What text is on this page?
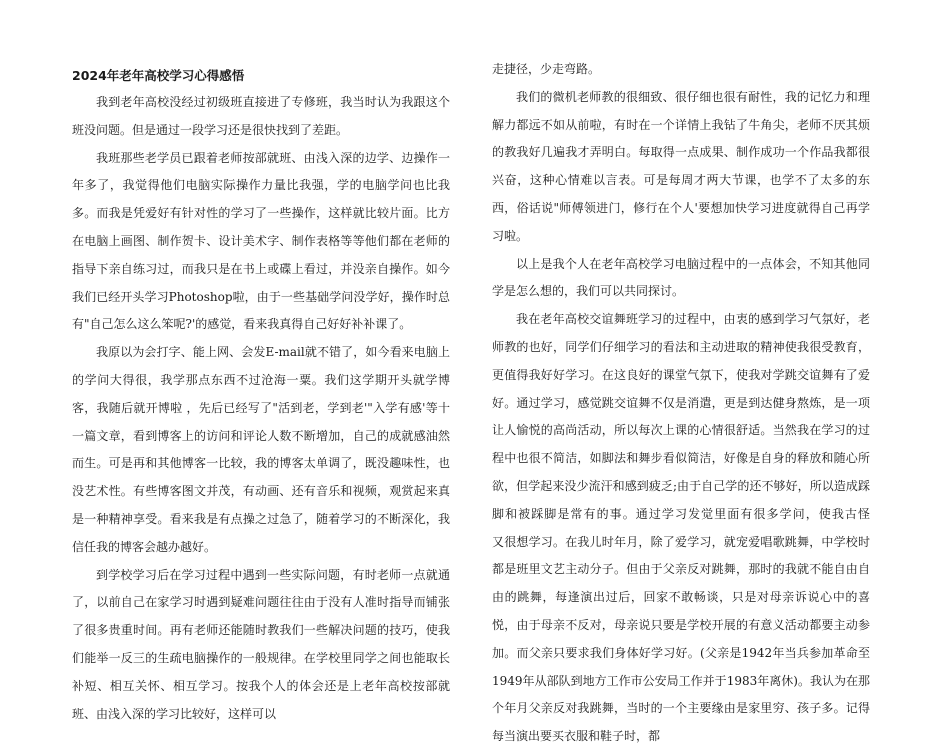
2024年老年高校学习心得感悟

我到老年高校没经过初级班直接进了专修班，我当时认为我跟这个班没问题。但是通过一段学习还是很快找到了差距。

我班那些老学员已跟着老师按部就班、由浅入深的边学、边操作一年多了，我觉得他们电脑实际操作力量比我强，学的电脑学问也比我多。而我是凭爱好有针对性的学习了一些操作，这样就比较片面。比方在电脑上画图、制作贺卡、设计美术字、制作表格等等他们都在老师的指导下亲自练习过，而我只是在书上或碟上看过，并没亲自操作。如今我们已经开头学习Photoshop啦，由于一些基础学问没学好，操作时总有"自己怎么这么笨呢?'的感觉，看来我真得自己好好补补课了。

我原以为会打字、能上网、会发E-mail就不错了，如今看来电脑上的学问大得很，我学那点东西不过沧海一粟。我们这学期开头就学博客，我随后就开博啦 ，先后已经写了"活到老，学到老'"入学有感'等十一篇文章，看到博客上的访问和评论人数不断增加，自己的成就感油然而生。可是再和其他博客一比较，我的博客太单调了，既没趣味性，也没艺术性。有些博客图文并茂，有动画、还有音乐和视频，观赏起来真是一种精神享受。看来我是有点操之过急了，随着学习的不断深化，我信任我的博客会越办越好。

到学校学习后在学习过程中遇到一些实际问题，有时老师一点就通了，以前自己在家学习时遇到疑难问题往往由于没有人准时指导而铺张了很多贵重时间。再有老师还能随时教我们一些解决问题的技巧，使我们能举一反三的生疏电脑操作的一般规律。在学校里同学之间也能取长补短、相互关怀、相互学习。按我个人的体会还是上老年高校按部就班、由浅入深的学习比较好，这样可以

走捷径，少走弯路。

我们的微机老师教的很细致、很仔细也很有耐性，我的记忆力和理解力都远不如从前啦，有时在一个详情上我钻了牛角尖，老师不厌其烦的教我好几遍我才弄明白。每取得一点成果、制作成功一个作品我都很兴奋，这种心情难以言表。可是每周才两大节课，也学不了太多的东西，俗话说"师傅领进门，修行在个人'要想加快学习进度就得自己再学习啦。

以上是我个人在老年高校学习电脑过程中的一点体会，不知其他同学是怎么想的，我们可以共同探讨。

我在老年高校交谊舞班学习的过程中，由衷的感到学习气氛好，老师教的也好，同学们仔细学习的看法和主动进取的精神使我很受教育，更值得我好好学习。在这良好的课堂气氛下，使我对学跳交谊舞有了爱好。通过学习，感觉跳交谊舞不仅是消遣，更是到达健身熬炼，是一项让人愉悦的高尚活动，所以每次上课的心情很舒适。当然我在学习的过程中也很不简洁，如脚法和舞步看似简洁，好像是自身的释放和随心所欲，但学起来没少流汗和感到疲乏;由于自己学的还不够好，所以造成踩脚和被踩脚是常有的事。通过学习发觉里面有很多学问，使我古怪　　又很想学习。在我儿时年月，除了爱学习，就宠爱唱歌跳舞，中学校时都是班里文艺主动分子。但由于父亲反对跳舞，那时的我就不能自由自由的跳舞，每逢演出过后，回家不敢畅谈，只是对母亲诉说心中的喜悦，由于母亲不反对，母亲说只要是学校开展的有意义活动都要主动参加。而父亲只要求我们身体好学习好。(父亲是1942年当兵参加革命至1949年从部队到地方工作市公安局工作并于1983年离休)。我认为在那个年月父亲反对我跳舞，当时的一个主要缘由是家里穷、孩子多。记得每当演出要买衣服和鞋子时，都
